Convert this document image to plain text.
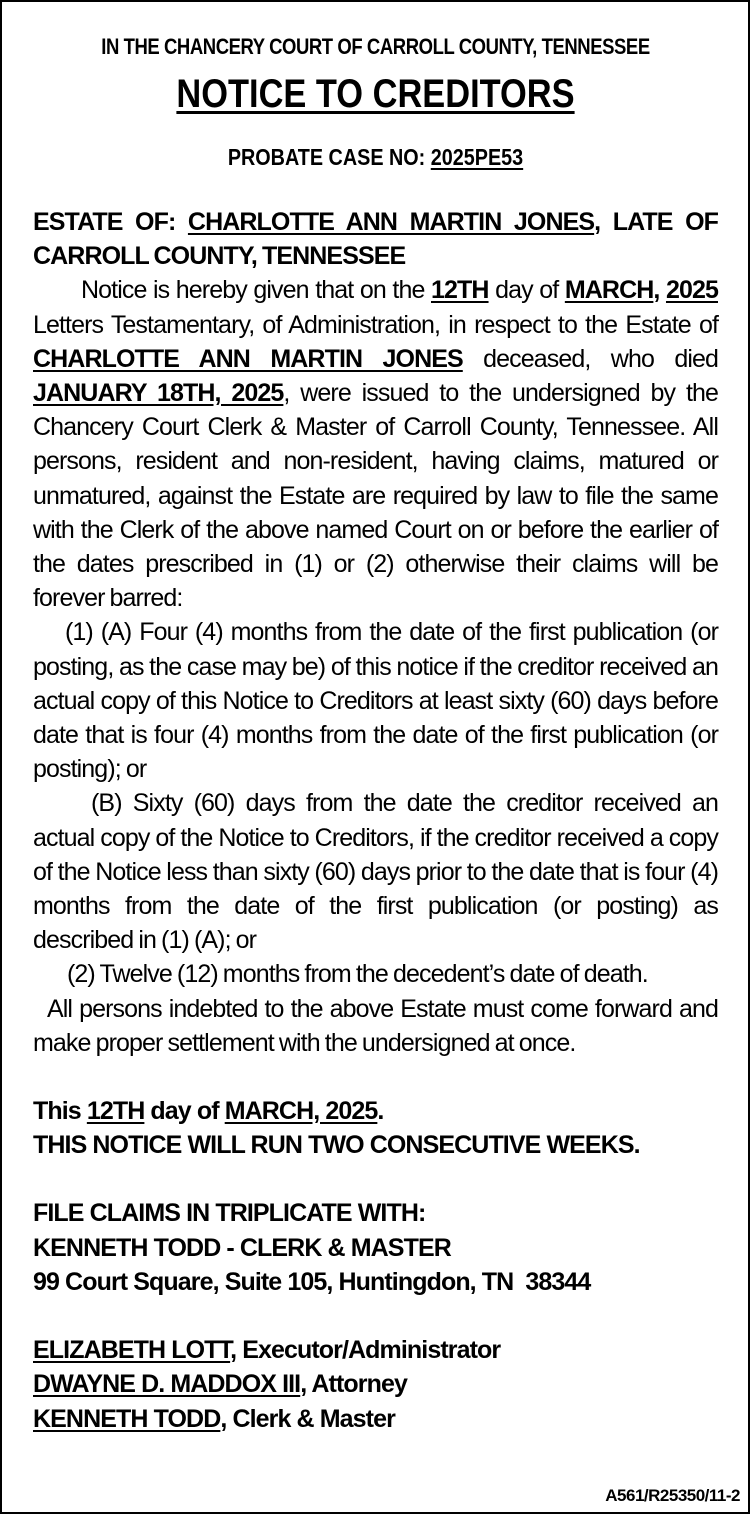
IN THE CHANCERY COURT OF CARROLL COUNTY, TENNESSEE
NOTICE TO CREDITORS
PROBATE CASE NO: 2025PE53
ESTATE OF: CHARLOTTE ANN MARTIN JONES, LATE OF CARROLL COUNTY, TENNESSEE
Notice is hereby given that on the 12TH day of MARCH, 2025 Letters Testamentary, of Administration, in respect to the Estate of CHARLOTTE ANN MARTIN JONES deceased, who died JANUARY 18TH, 2025, were issued to the undersigned by the Chancery Court Clerk & Master of Carroll County, Tennessee. All persons, resident and non-resident, having claims, matured or unmatured, against the Estate are required by law to file the same with the Clerk of the above named Court on or before the earlier of the dates prescribed in (1) or (2) otherwise their claims will be forever barred:
(1) (A) Four (4) months from the date of the first publication (or posting, as the case may be) of this notice if the creditor received an actual copy of this Notice to Creditors at least sixty (60) days before date that is four (4) months from the date of the first publication (or posting); or
(B) Sixty (60) days from the date the creditor received an actual copy of the Notice to Creditors, if the creditor received a copy of the Notice less than sixty (60) days prior to the date that is four (4) months from the date of the first publication (or posting) as described in (1) (A); or
(2) Twelve (12) months from the decedent’s date of death.
All persons indebted to the above Estate must come forward and make proper settlement with the undersigned at once.
This 12TH day of MARCH, 2025.
THIS NOTICE WILL RUN TWO CONSECUTIVE WEEKS.
FILE CLAIMS IN TRIPLICATE WITH:
KENNETH TODD - CLERK & MASTER
99 Court Square, Suite 105, Huntingdon, TN  38344
ELIZABETH LOTT, Executor/Administrator
DWAYNE D. MADDOX III, Attorney
KENNETH TODD, Clerk & Master
A561/R25350/11-2
